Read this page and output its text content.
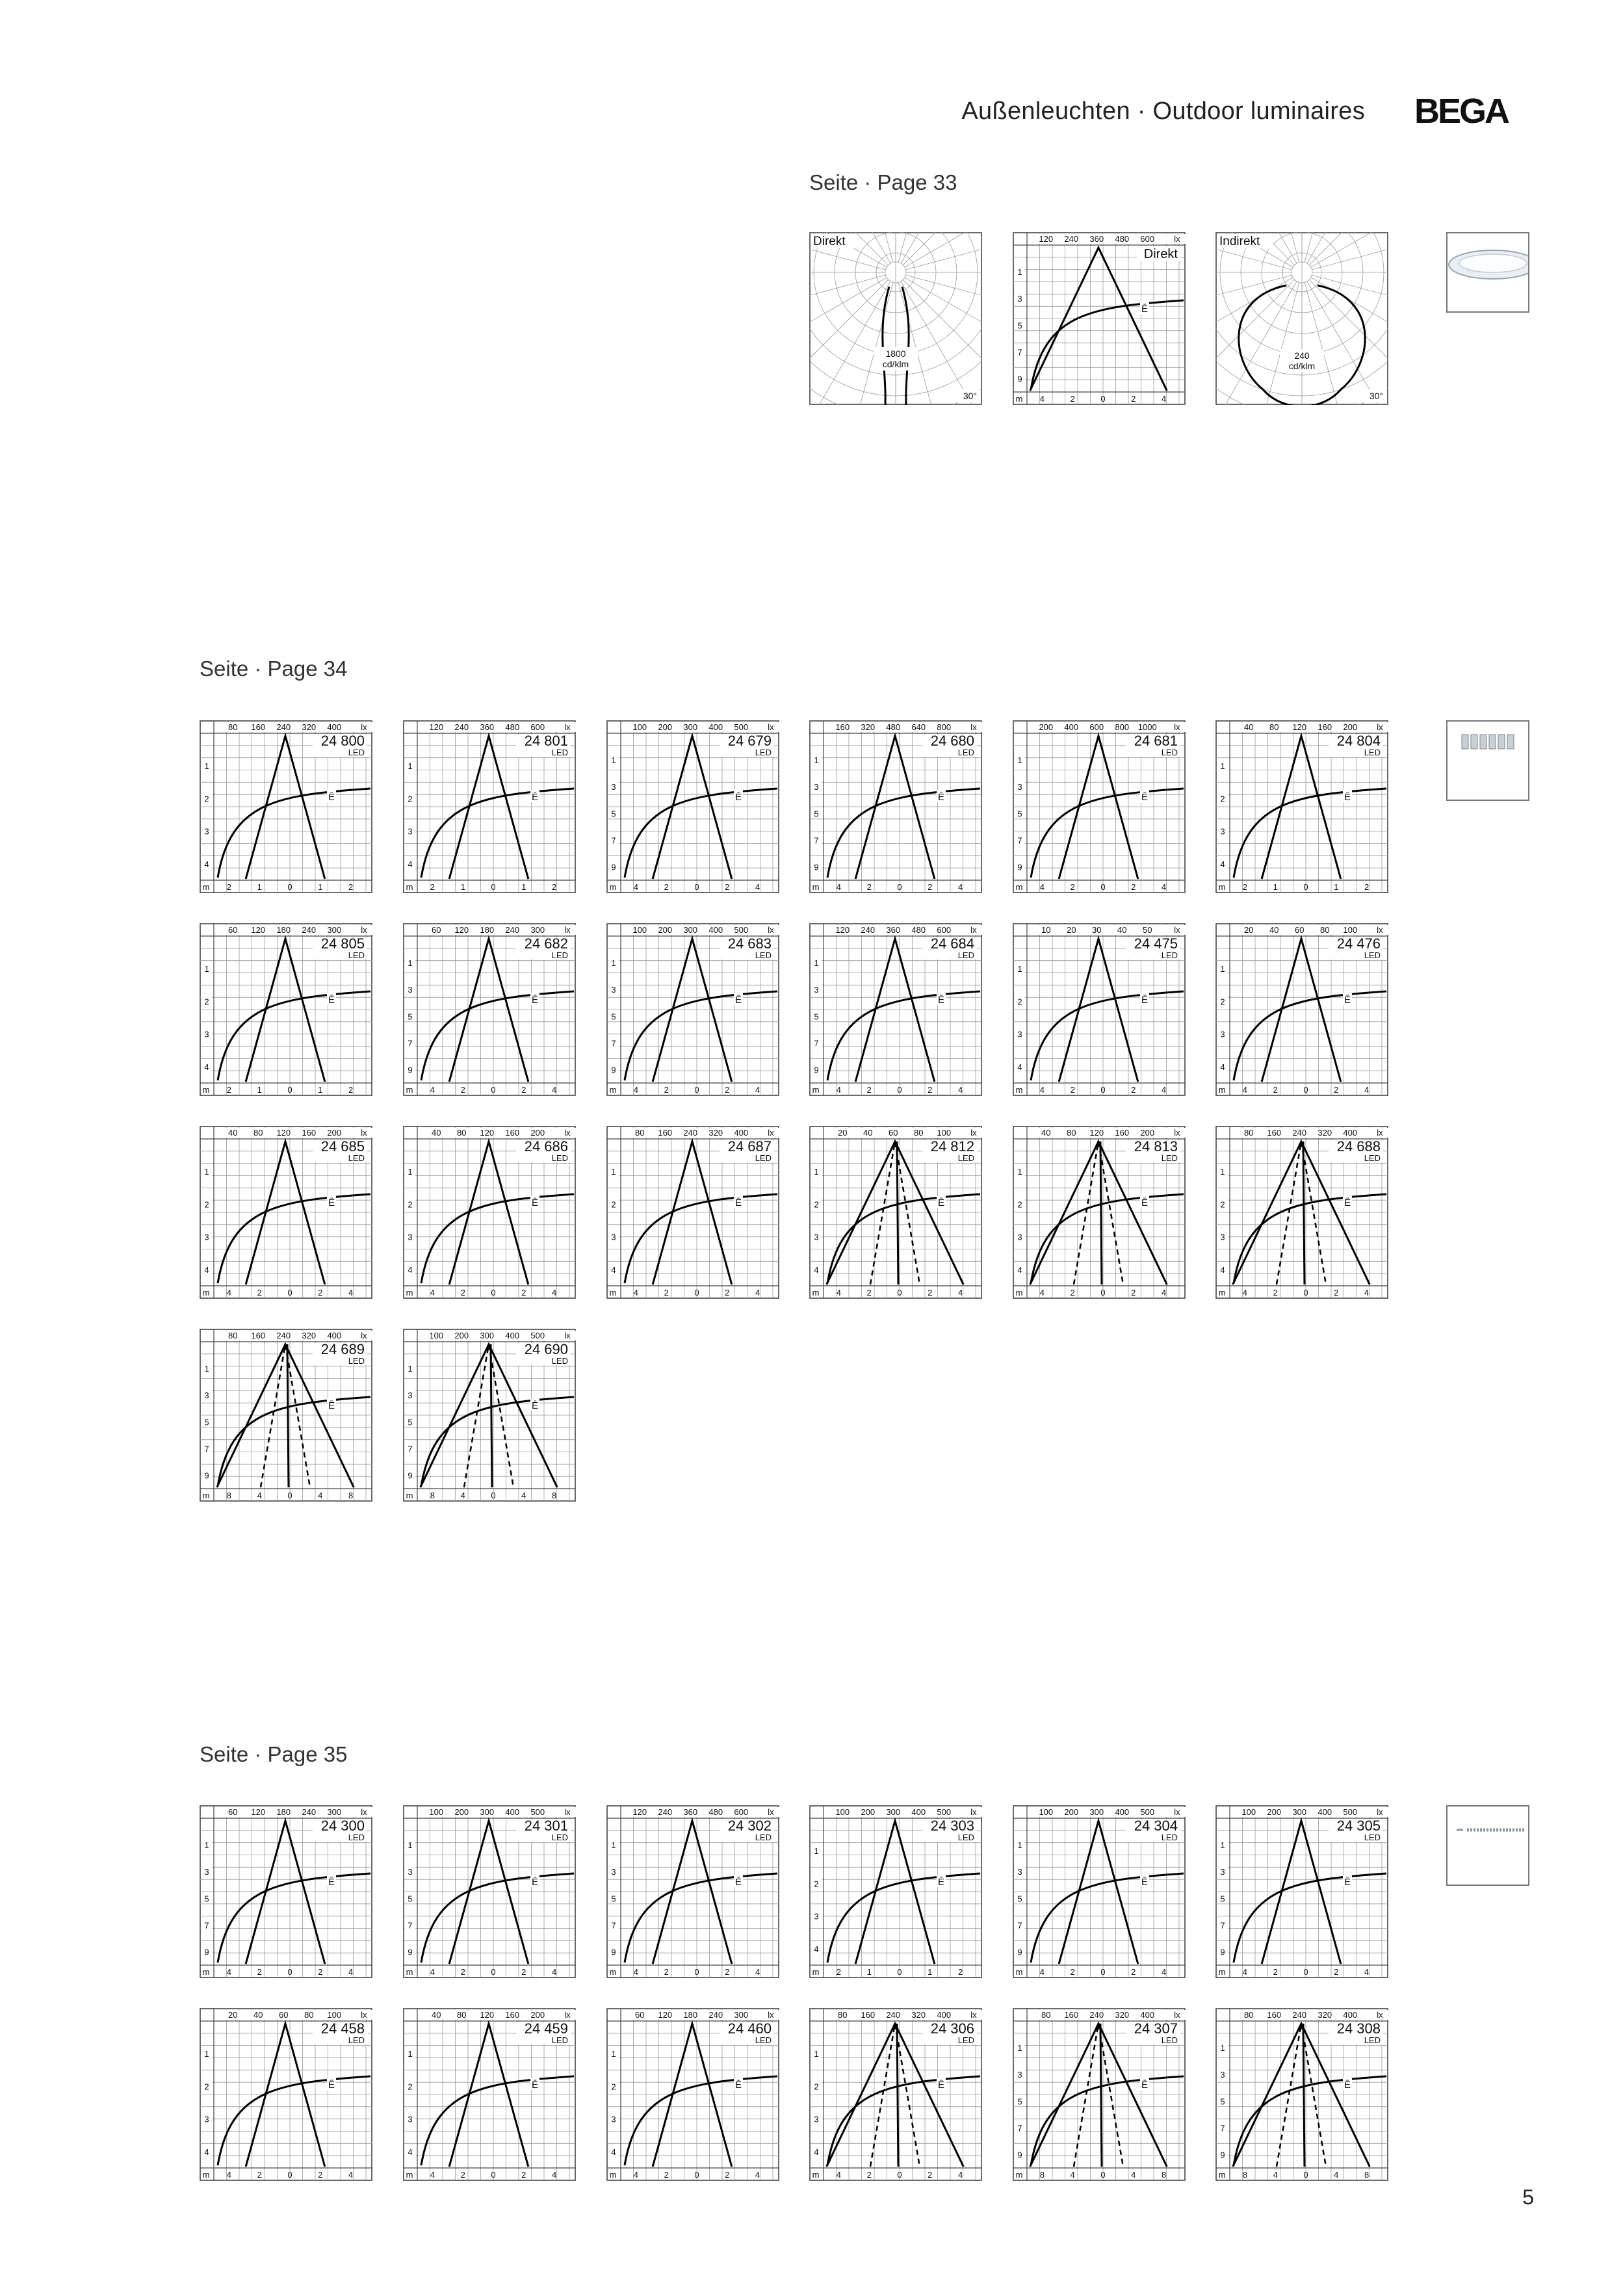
Außenleuchten · Outdoor luminaires BEGA
Seite · Page 33
Seite · Page 34
Seite · Page 35
Direkt
30°
1800
cd/klm
120 240 360 480 600 lx
1
3
5
7
9
m 4	2	0	2	4
Direkt
Ē
Indirekt
30°
240
cd/klm
80 160 240 320 400 lx
1
2
3
4
m 2	1	0	1	2
24 800
LED
Ē
120 240 360 480 600 lx
1
2
3
4
m 2	1	0	1	2
24 801
LED
Ē
100 200 300 400 500 lx
1
3
5
7
9
m 4	2	0	2	4
24 679
LED
Ē
160 320 480 640 800 lx
1
3
5
7
9
m 4	2	0	2	4
24 680
LED
Ē
200 400 600 800 1000 lx
1
3
5
7
9
m 4	2	0	2	4
24 681
LED
Ē
40 80 120 160 200 lx
1
2
3
4
m 2	1	0	1	2
24 804
LED
Ē
60 120 180 240 300 lx
1
2
3
4
m 2	1	0	1	2
24 805
LED
Ē
60 120 180 240 300 lx
1
3
5
7
9
m 4	2	0	2	4
24 682
LED
Ē
100 200 300 400 500 lx
1
3
5
7
9
m 4	2	0	2	4
24 683
LED
Ē
120 240 360 480 600 lx
1
3
5
7
9
m 4	2	0	2	4
24 684
LED
Ē
10 20 30 40 50	lx
1
2
3
4
m 4	2	0	2	4
24 475
LED
Ē
20 40 60 80 100 lx
1
2
3
4
m 4	2	0	2	4
24 476
LED
Ē
40 80 120 160 200 lx
1
2
3
4
m 4	2	0	2	4
24 685
LED
Ē
40 80 120 160 200 lx
1
2
3
4
m 4	2	0	2	4
24 686
LED
Ē
80 160 240 320 400 lx
1
2
3
4
m 4	2	0	2	4
24 687
LED
Ē
20 40 60 80 100 lx
1
2
3
4
m 4	2	0	2	4
24 812
LED
Ē
40 80 120 160 200 lx
1
2
3
4
m 4	2	0	2	4
24 813
LED
Ē
80 160 240 320 400 lx
1
2
3
4
m 4	2	0	2	4
24 688
LED
Ē
80 160 240 320 400 lx
1
3
5
7
9
m 8	4	0	4	8
24 689
LED
Ē
100 200 300 400 500 lx
1
3
5
7
9
m 8	4	0	4	8
24 690
LED
Ē
60 120 180 240 300 lx
1
3
5
7
9
m 4	2	0	2	4
24 300
LED
Ē
100 200 300 400 500 lx
1
3
5
7
9
m 4	2	0	2	4
24 301
LED
Ē
120 240 360 480 600 lx
1
3
5
7
9
m 4	2	0	2	4
24 302
LED
Ē
100 200 300 400 500 lx
1
2
3
4
m 2	1	0	1	2
24 303
LED
Ē
100 200 300 400 500 lx
1
3
5
7
9
m 4	2	0	2	4
24 304
LED
Ē
100 200 300 400 500 lx
1
3
5
7
9
m 4	2	0	2	4
24 305
LED
Ē
20 40 60 80 100 lx
1
2
3
4
m 4	2	0	2	4
24 458
LED
Ē
40 80 120 160 200 lx
1
2
3
4
m 4	2	0	2	4
24 459
LED
Ē
60 120 180 240 300 lx
1
2
3
4
m 4	2	0	2	4
24 460
LED
Ē
80 160 240 320 400 lx
1
2
3
4
m 4	2	0	2	4
24 306
LED
Ē
80 160 240 320 400 lx
1
3
5
7
9
m 8	4	0	4	8
24 307
LED
Ē
80 160 240 320 400 lx
1
3
5
7
9
m 8	4	0	4	8
24 308
LED
Ē
5
